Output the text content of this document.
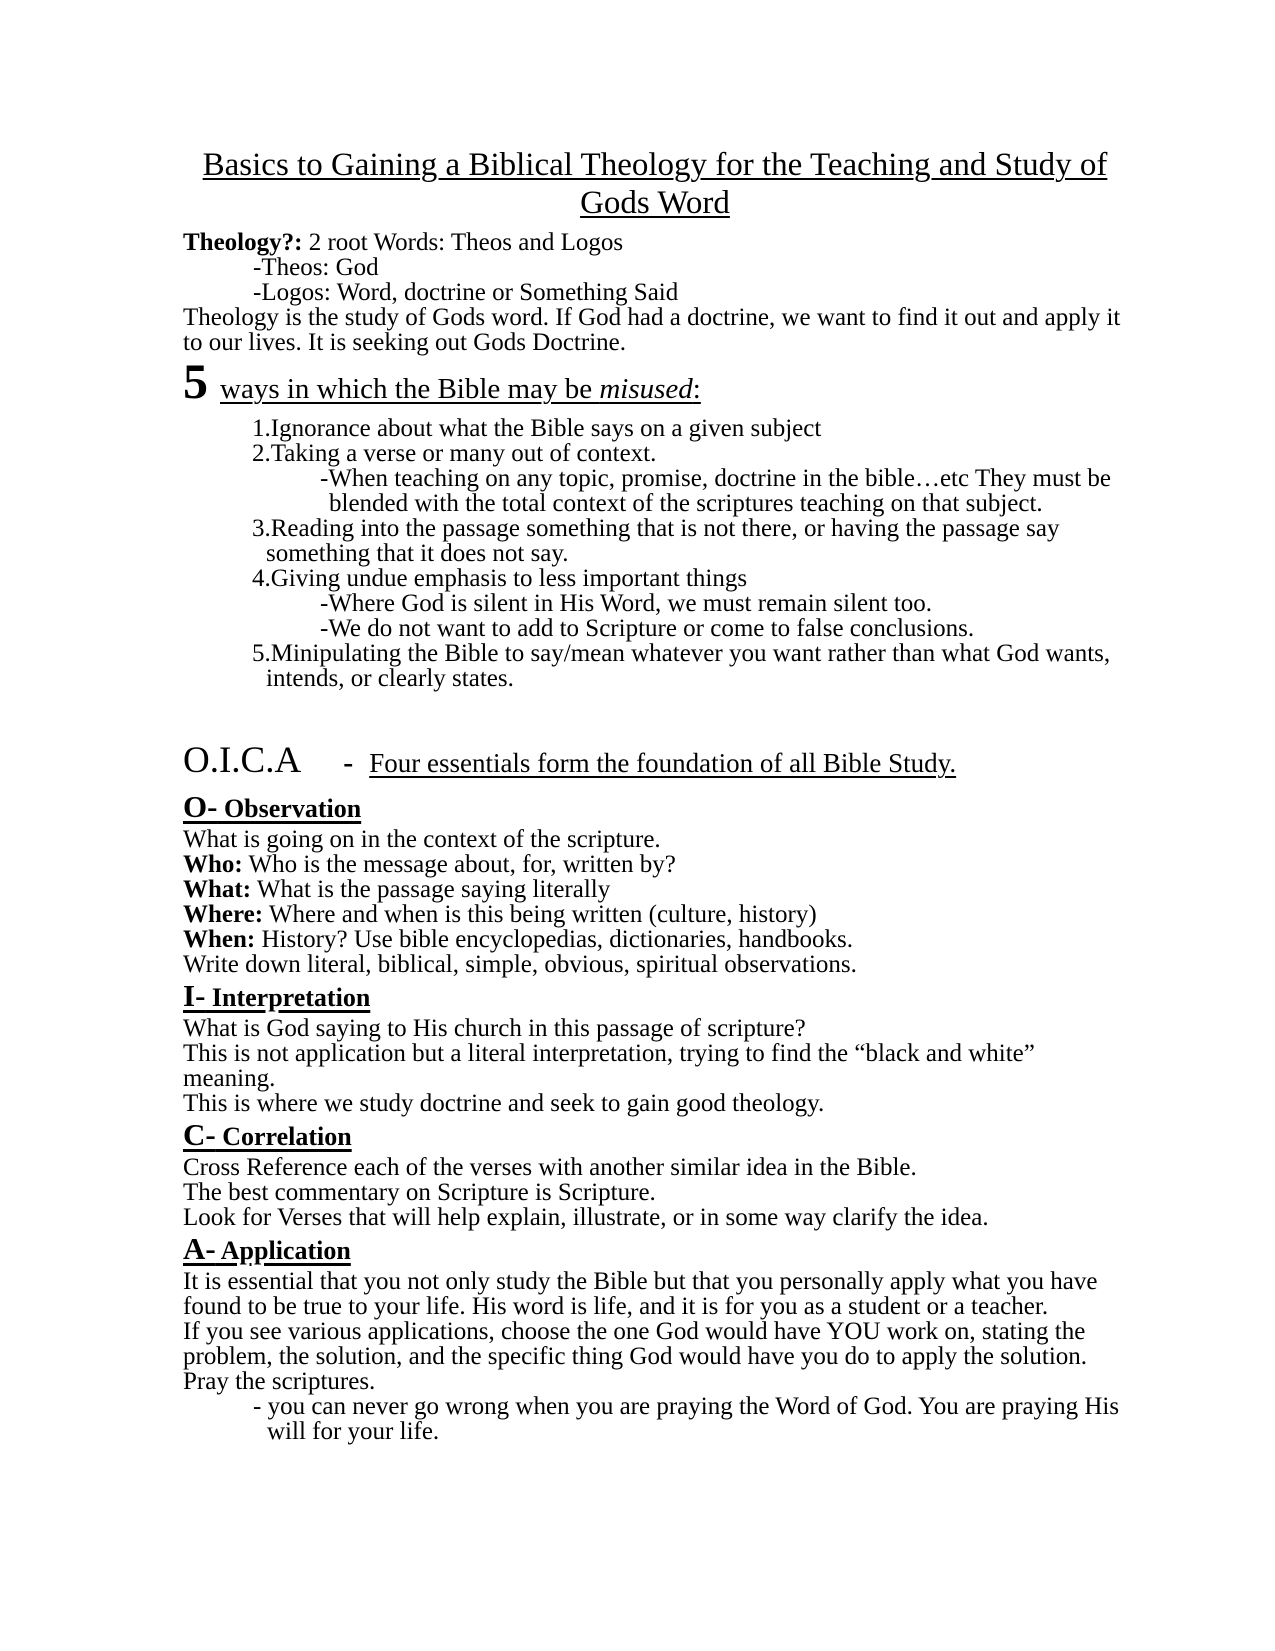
Basics to Gaining a Biblical Theology for the Teaching and Study of
Gods Word
Theology?: 2 root Words: Theos and Logos
-Theos: God
-Logos: Word, doctrine or Something Said
Theology is the study of Gods word. If God had a doctrine, we want to find it out and apply it to our lives. It is seeking out Gods Doctrine.
5 ways in which the Bible may be misused:
1.Ignorance about what the Bible says on a given subject
2.Taking a verse or many out of context.
-When teaching on any topic, promise, doctrine in the bible…etc They must be blended with the total context of the scriptures teaching on that subject.
3.Reading into the passage something that is not there, or having the passage say something that it does not say.
4.Giving undue emphasis to less important things
-Where God is silent in His Word, we must remain silent too.
-We do not want to add to Scripture or come to false conclusions.
5.Minipulating the Bible to say/mean whatever you want rather than what God wants, intends, or clearly states.
O.I.C.A - Four essentials form the foundation of all Bible Study.
O- Observation
What is going on in the context of the scripture.
Who: Who is the message about, for, written by?
What: What is the passage saying literally
Where: Where and when is this being written (culture, history)
When: History? Use bible encyclopedias, dictionaries, handbooks.
Write down literal, biblical, simple, obvious, spiritual observations.
I- Interpretation
What is God saying to His church in this passage of scripture?
This is not application but a literal interpretation, trying to find the “black and white” meaning.
This is where we study doctrine and seek to gain good theology.
C- Correlation
Cross Reference each of the verses with another similar idea in the Bible.
The best commentary on Scripture is Scripture.
Look for Verses that will help explain, illustrate, or in some way clarify the idea.
A- Application
It is essential that you not only study the Bible but that you personally apply what you have found to be true to your life. His word is life, and it is for you as a student or a teacher.
If you see various applications, choose the one God would have YOU work on, stating the problem, the solution, and the specific thing God would have you do to apply the solution.
Pray the scriptures.
- you can never go wrong when you are praying the Word of God. You are praying His will for your life.
